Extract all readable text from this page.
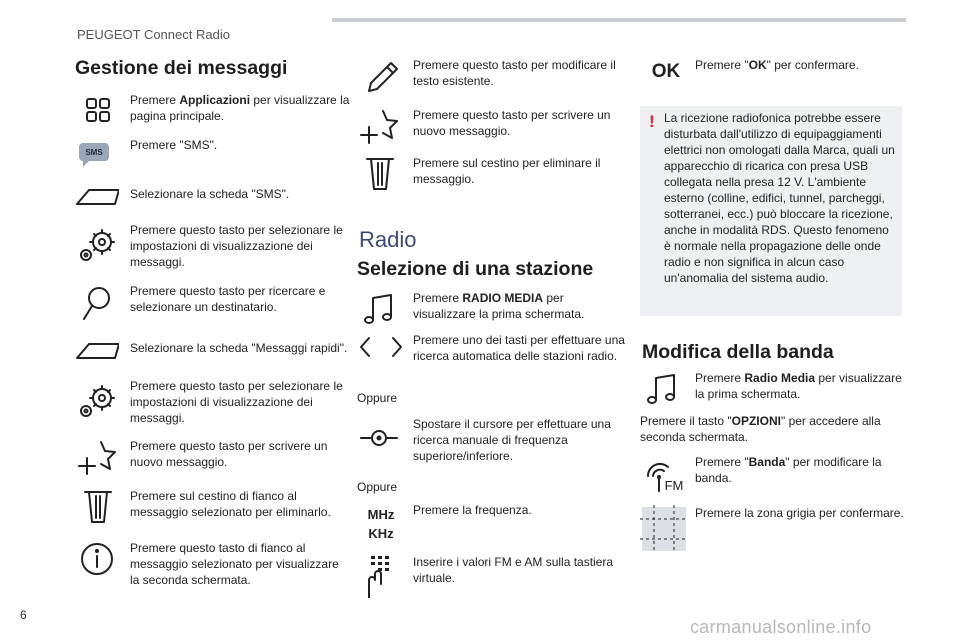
PEUGEOT Connect Radio
Gestione dei messaggi
Premere Applicazioni per visualizzare la pagina principale.
SMS
Premere "SMS".
Selezionare la scheda "SMS".
Premere questo tasto per selezionare le impostazioni di visualizzazione dei messaggi.
Premere questo tasto per ricercare e selezionare un destinatario.
Selezionare la scheda "Messaggi rapidi".
Premere questo tasto per selezionare le impostazioni di visualizzazione dei messaggi.
Premere questo tasto per scrivere un nuovo messaggio.
Premere sul cestino di fianco al messaggio selezionato per eliminarlo.
Premere questo tasto di fianco al messaggio selezionato per visualizzare la seconda schermata.
Premere questo tasto per modificare il testo esistente.
Premere questo tasto per scrivere un nuovo messaggio.
Premere sul cestino per eliminare il messaggio.
Radio
Selezione di una stazione
Premere RADIO MEDIA per visualizzare la prima schermata.
Premere uno dei tasti per effettuare una ricerca automatica delle stazioni radio.
Oppure
Spostare il cursore per effettuare una ricerca manuale di frequenza superiore/inferiore.
Oppure
MHz
KHz
Premere la frequenza.
Inserire i valori FM e AM sulla tastiera virtuale.
OK Premere "OK" per confermare.
! La ricezione radiofonica potrebbe essere disturbata dall'utilizzo di equipaggiamenti elettrici non omologati dalla Marca, quali un apparecchio di ricarica con presa USB collegata nella presa 12 V. L'ambiente esterno (colline, edifici, tunnel, parcheggi, sotterranei, ecc.) può bloccare la ricezione, anche in modalità RDS. Questo fenomeno è normale nella propagazione delle onde radio e non significa in alcun caso un'anomalia del sistema audio.
Modifica della banda
Premere Radio Media per visualizzare la prima schermata.
Premere il tasto "OPZIONI" per accedere alla seconda schermata.
FM
Premere "Banda" per modificare la banda.
Premere la zona grigia per confermare.
6
carmanualsonline.info
